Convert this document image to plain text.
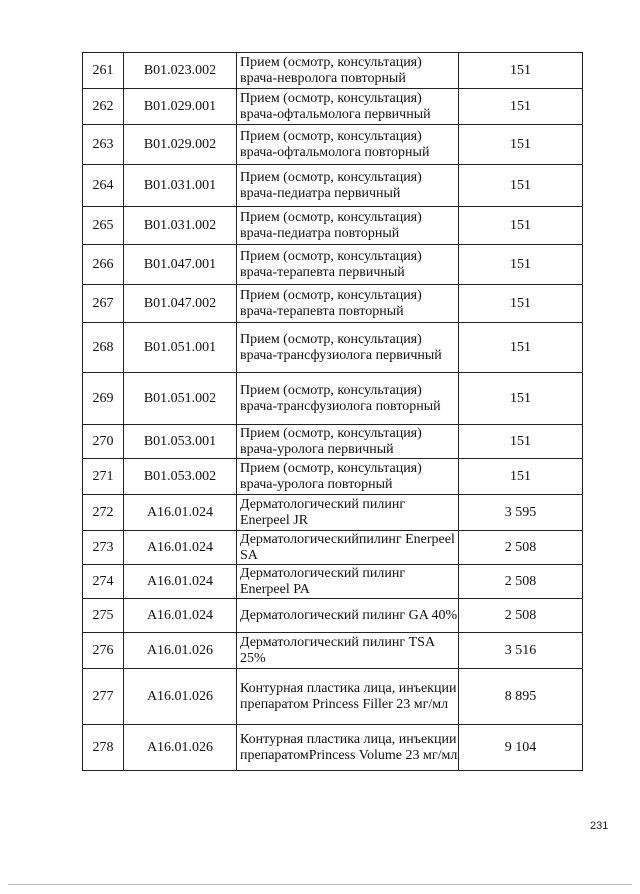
261	B01.023.002	Прием (осмотр, консультация) врача-невролога повторный	151
262	B01.029.001	Прием (осмотр, консультация) врача-офтальмолога первичный	151
263	B01.029.002	Прием (осмотр, консультация) врача-офтальмолога повторный	151
264	B01.031.001	Прием (осмотр, консультация) врача-педиатра первичный	151
265	B01.031.002	Прием (осмотр, консультация) врача-педиатра повторный	151
266	B01.047.001	Прием (осмотр, консультация) врача-терапевта первичный	151
267	B01.047.002	Прием (осмотр, консультация) врача-терапевта повторный	151
268	B01.051.001	Прием (осмотр, консультация) врача-трансфузиолога первичный	151
269	B01.051.002	Прием (осмотр, консультация) врача-трансфузиолога повторный	151
270	B01.053.001	Прием (осмотр, консультация) врача-уролога первичный	151
271	B01.053.002	Прием (осмотр, консультация) врача-уролога повторный	151
272	A16.01.024	Дерматологический пилинг Enerpeel JR	3 595
273	A16.01.024	Дерматологическийпилинг Enerpeel SA	2 508
274	A16.01.024	Дерматологический пилинг Enerpeel PA	2 508
275	A16.01.024	Дерматологический пилинг GA 40%	2 508
276	A16.01.026	Дерматологический пилинг TSA 25%	3 516
277	A16.01.026	Контурная пластика лица, инъекции препаратом Princess Filler 23 мг/мл	8 895
278	A16.01.026	Контурная пластика лица, инъекции препаратомPrincess Volume 23 мг/мл	9 104
231
